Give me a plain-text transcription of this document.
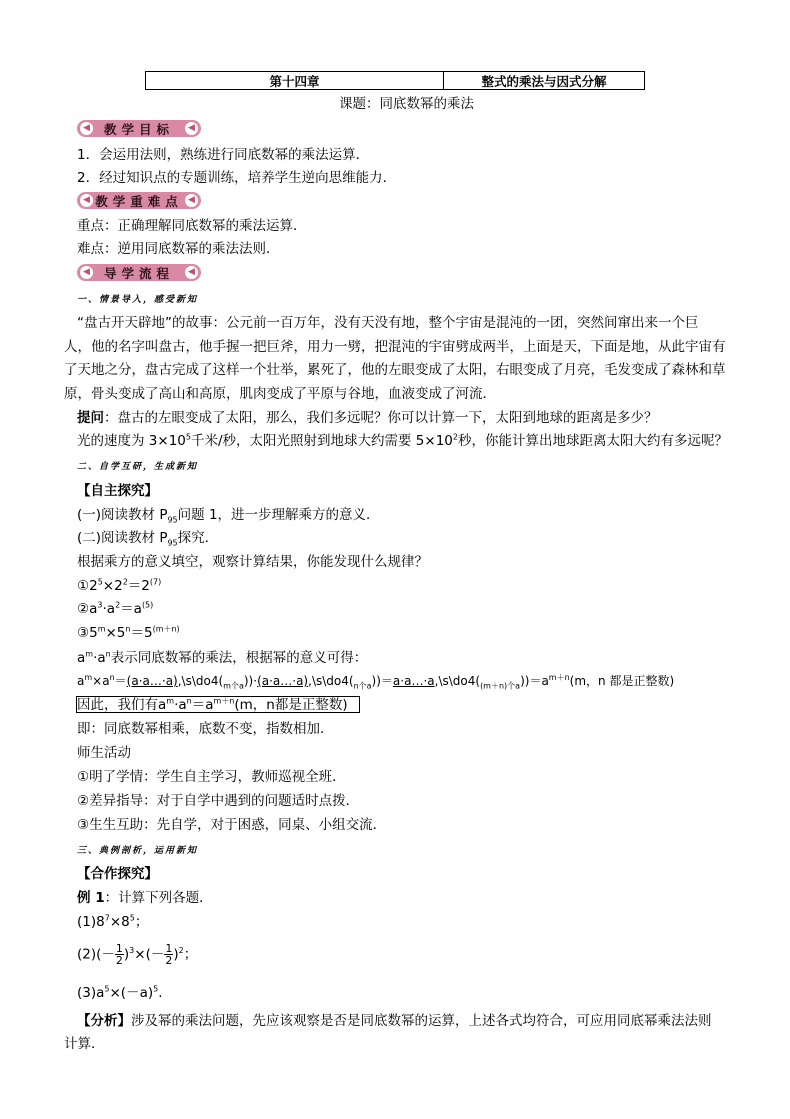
第十四章	整式的乘法与因式分解
课题：同底数幂的乘法
◀ 教学目标	◀
1．会运用法则，熟练进行同底数幂的乘法运算．
2．经过知识点的专题训练，培养学生逆向思维能力．
◀ 教学重难点 ◀
重点：正确理解同底数幂的乘法运算．
难点：逆用同底数幂的乘法法则．
◀ 导学流程	◀
一、情景导入，感受新知
“盘古开天辟地”的故事：公元前一百万年，没有天没有地，整个宇宙是混沌的一团，突然间窜出来一个巨
人，他的名字叫盘古，他手握一把巨斧，用力一劈，把混沌的宇宙劈成两半，上面是天，下面是地，从此宇宙有
了天地之分，盘古完成了这样一个壮举，累死了，他的左眼变成了太阳，右眼变成了月亮，毛发变成了森林和草
原，骨头变成了高山和高原，肌肉变成了平原与谷地，血液变成了河流．
提问：盘古的左眼变成了太阳，那么，我们多远呢？你可以计算一下，太阳到地球的距离是多少？
光的速度为 $3\times 10^5$千米/秒，太阳光照射到地球大约需要 $5\times 10^2$秒，你能计算出地球距离太阳大约有多远呢？
二、自学互研，生成新知
【自主探究】
(一)阅读教材 $P_{95}$问题 1，进一步理解乘方的意义．
(二)阅读教材 $P_{95}$探究．
根据乘方的意义填空，观察计算结果，你能发现什么规律？
$①2^5\times 2^2=2^{(7)}$
$②a^3\cdot a^2=a^{(5)}$
$③5^m\times 5^n=5^{(m+n)}$
$a^m\cdot a^n$表示同底数幂的乘法，根据幂的意义可得：
$a^m\times a^n=(a\cdot a\dots\cdot a),\backslash s\backslash do4(_{m个a}))\cdot(a\cdot a\dots\cdot a),\backslash s\backslash do4(_{n个a}))=a\cdot a\dots\cdot a,\backslash s\backslash do4(_{(m+n)个a}))=a^{m+n}(m$，n 都是正整数)
因此，我们有$a^m\cdot a^n=a^{m+n}(m$，n都是正整数)
即：同底数幂相乘，底数不变，指数相加．
师生活动
①明了学情：学生自主学习，教师巡视全班．
②差异指导：对于自学中遇到的问题适时点拨．
③生生互助：先自学，对于困惑，同桌、小组交流．
三、典例剖析，运用新知
【合作探究】
例 1：计算下列各题．
$(1)8^7\times 8^5$；
$(2)(- \frac{1}{2} )^3\times(- \frac{1}{2} )^2$；
$(3)a^5\times(-a)^5$.
【分析】涉及幂的乘法问题，先应该观察是否是同底数幂的运算，上述各式均符合，可应用同底幂乘法法则
计算．
